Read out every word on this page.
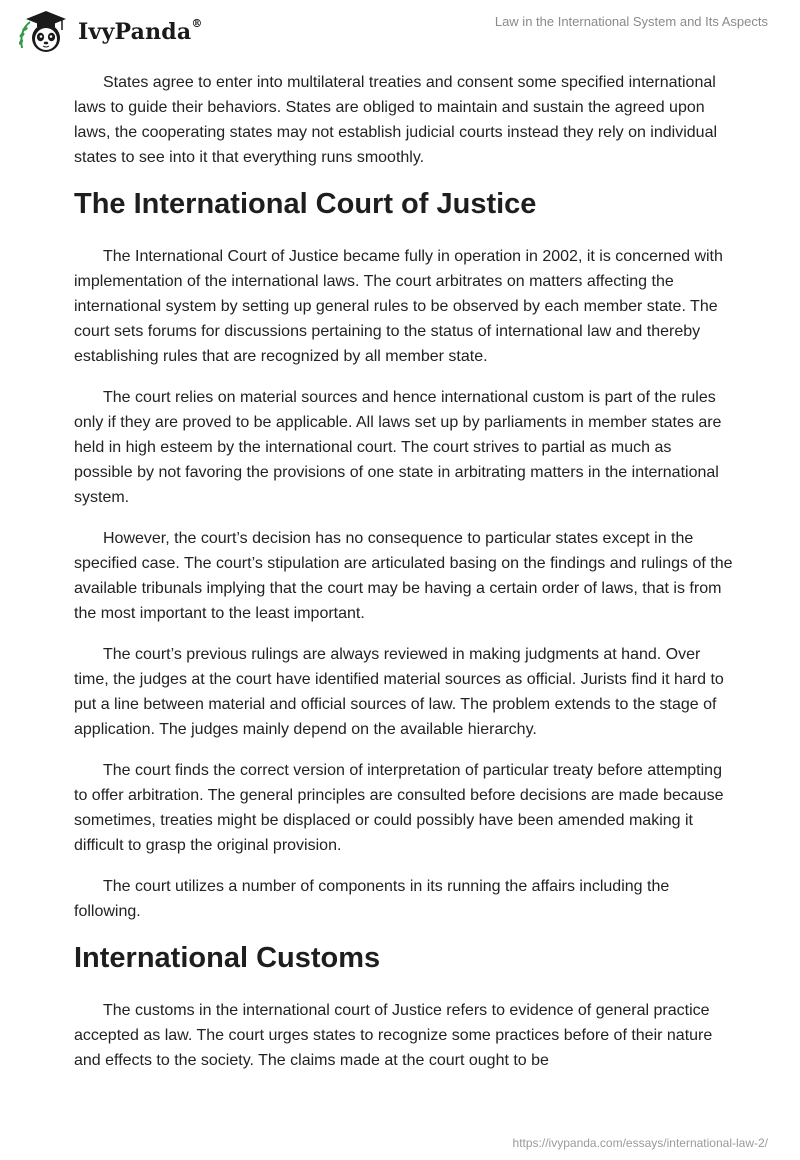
IvyPanda®	Law in the International System and Its Aspects

States agree to enter into multilateral treaties and consent some specified international laws to guide their behaviors. States are obliged to maintain and sustain the agreed upon laws, the cooperating states may not establish judicial courts instead they rely on individual states to see into it that everything runs smoothly.

The International Court of Justice

The International Court of Justice became fully in operation in 2002, it is concerned with implementation of the international laws. The court arbitrates on matters affecting the international system by setting up general rules to be observed by each member state. The court sets forums for discussions pertaining to the status of international law and thereby establishing rules that are recognized by all member state.

The court relies on material sources and hence international custom is part of the rules only if they are proved to be applicable. All laws set up by parliaments in member states are held in high esteem by the international court. The court strives to partial as much as possible by not favoring the provisions of one state in arbitrating matters in the international system.

However, the court’s decision has no consequence to particular states except in the specified case. The court’s stipulation are articulated basing on the findings and rulings of the available tribunals implying that the court may be having a certain order of laws, that is from the most important to the least important.

The court’s previous rulings are always reviewed in making judgments at hand. Over time, the judges at the court have identified material sources as official. Jurists find it hard to put a line between material and official sources of law. The problem extends to the stage of application. The judges mainly depend on the available hierarchy.

The court finds the correct version of interpretation of particular treaty before attempting to offer arbitration. The general principles are consulted before decisions are made because sometimes, treaties might be displaced or could possibly have been amended making it difficult to grasp the original provision.

The court utilizes a number of components in its running the affairs including the following.

International Customs

The customs in the international court of Justice refers to evidence of general practice accepted as law. The court urges states to recognize some practices before of their nature and effects to the society. The claims made at the court ought to be

https://ivypanda.com/essays/international-law-2/
